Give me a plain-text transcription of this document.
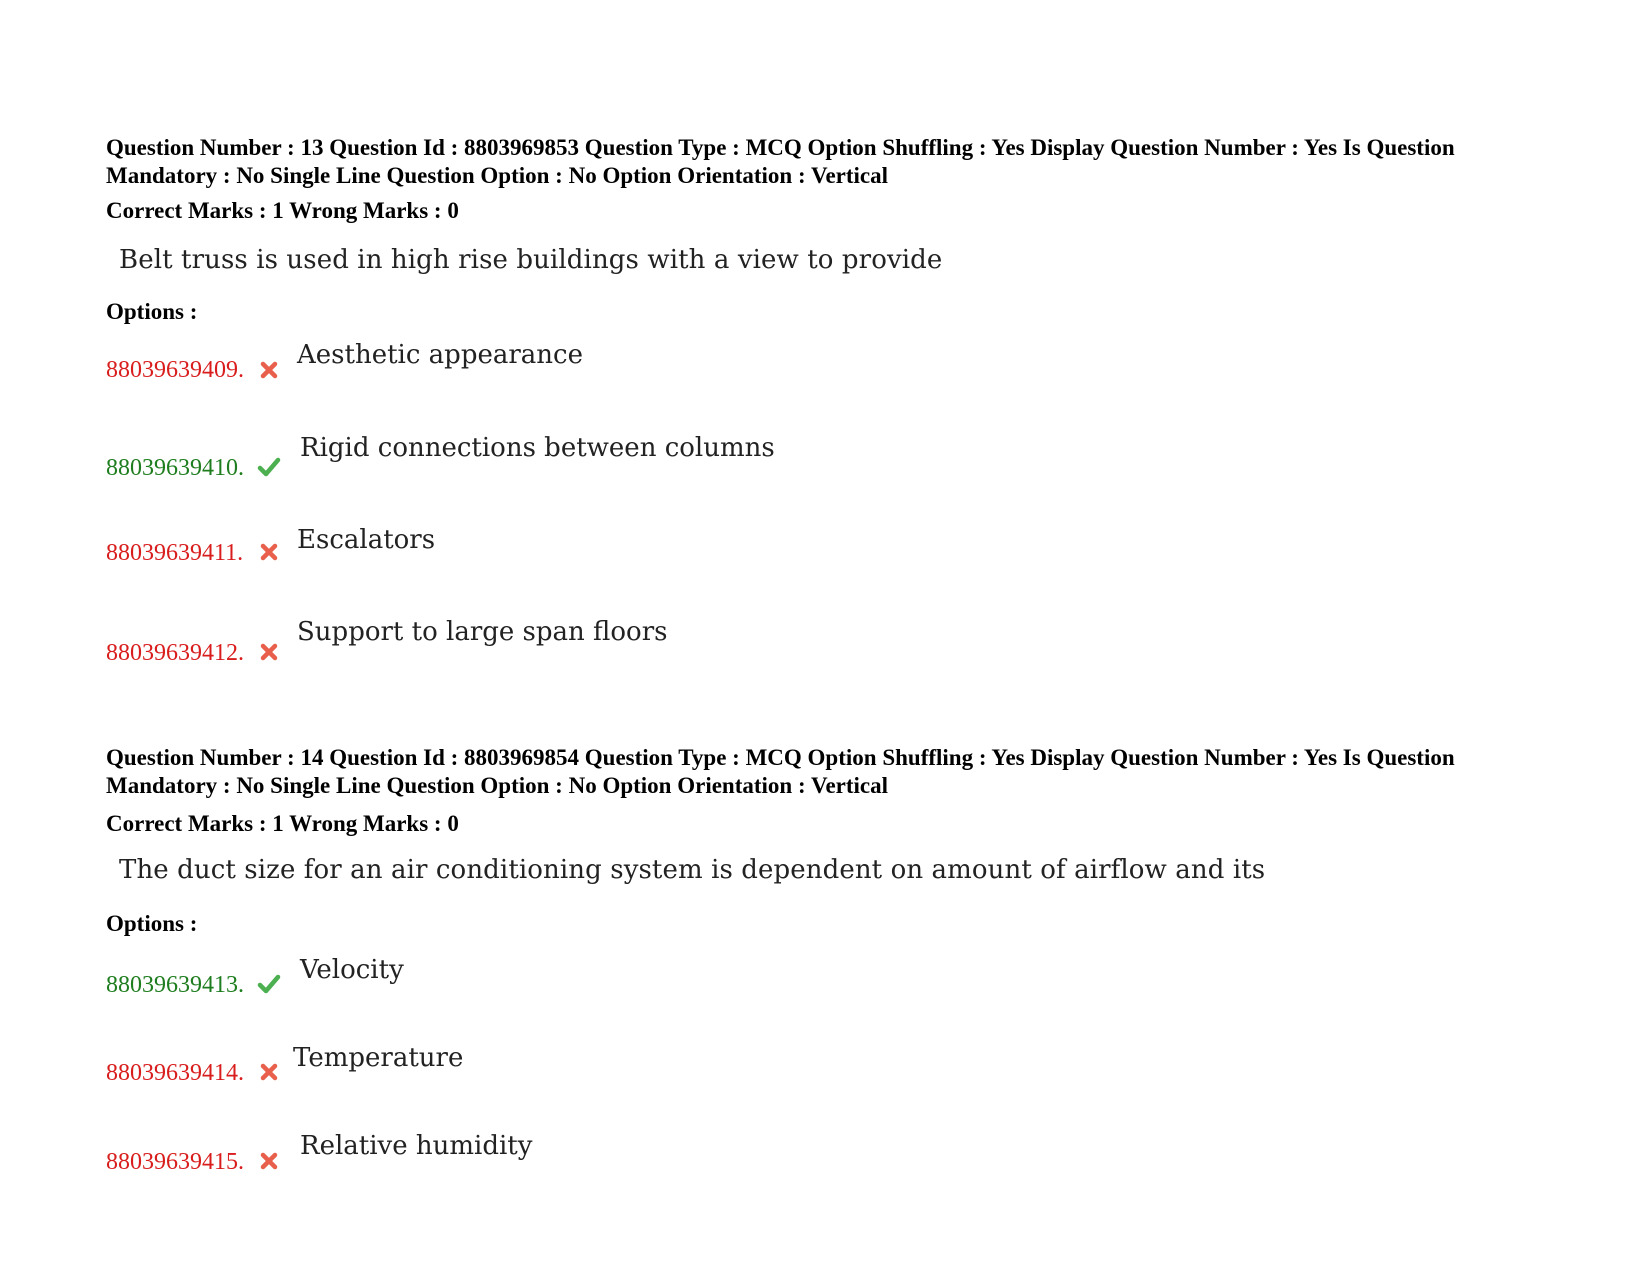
Question Number : 13 Question Id : 8803969853 Question Type : MCQ Option Shuffling : Yes Display Question Number : Yes Is Question Mandatory : No Single Line Question Option : No Option Orientation : Vertical
Correct Marks : 1 Wrong Marks : 0
Belt truss is used in high rise buildings with a view to provide
Options :
88039639409. Aesthetic appearance
88039639410.
Rigid connections between columns
88039639411. Escalators
88039639412.
Support to large span floors
Question Number : 14 Question Id : 8803969854 Question Type : MCQ Option Shuffling : Yes Display Question Number : Yes Is Question Mandatory : No Single Line Question Option : No Option Orientation : Vertical
Correct Marks : 1 Wrong Marks : 0
The duct size for an air conditioning system is dependent on amount of airflow and its
Options :
88039639413. Velocity
88039639414. Temperature
88039639415.
Relative humidity
